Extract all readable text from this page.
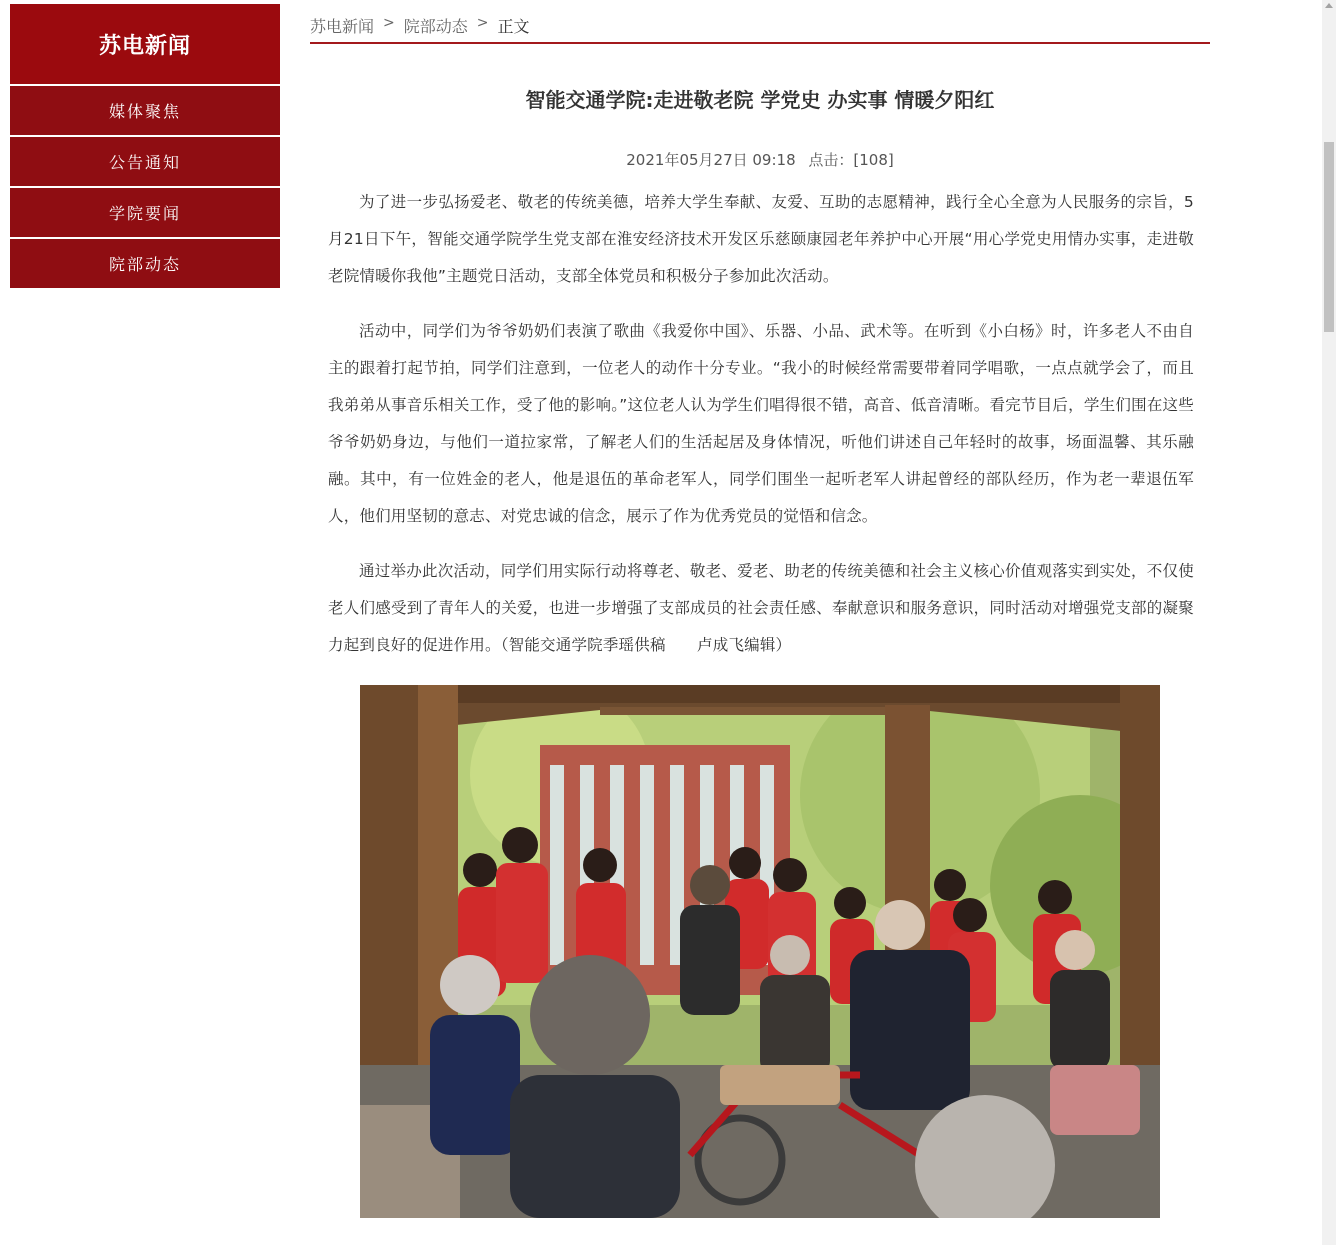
苏电新闻
媒体聚焦
公告通知
学院要闻
院部动态
苏电新闻 > 院部动态 > 正文
智能交通学院:走进敬老院 学党史 办实事 情暖夕阳红
2021年05月27日 09:18 点击：[108]

为了进一步弘扬爱老、敬老的传统美德，培养大学生奉献、友爱、互助的志愿精神，践行全心全意为人民服务的宗旨，5月21日下午，智能交通学院学生党支部在淮安经济技术开发区乐慈颐康园老年养护中心开展“用心学党史用情办实事，走进敬老院情暖你我他”主题党日活动，支部全体党员和积极分子参加此次活动。

活动中，同学们为爷爷奶奶们表演了歌曲《我爱你中国》、乐器、小品、武术等。在听到《小白杨》时，许多老人不由自主的跟着打起节拍，同学们注意到，一位老人的动作十分专业。“我小的时候经常需要带着同学唱歌，一点点就学会了，而且我弟弟从事音乐相关工作，受了他的影响。”这位老人认为学生们唱得很不错，高音、低音清晰。看完节目后，学生们围在这些爷爷奶奶身边，与他们一道拉家常，了解老人们的生活起居及身体情况，听他们讲述自己年轻时的故事，场面温馨、其乐融融。其中，有一位姓金的老人，他是退伍的革命老军人，同学们围坐一起听老军人讲起曾经的部队经历，作为老一辈退伍军人，他们用坚韧的意志、对党忠诚的信念，展示了作为优秀党员的觉悟和信念。

通过举办此次活动，同学们用实际行动将尊老、敬老、爱老、助老的传统美德和社会主义核心价值观落实到实处，不仅使老人们感受到了青年人的关爱，也进一步增强了支部成员的社会责任感、奉献意识和服务意识，同时活动对增强党支部的凝聚力起到良好的促进作用。（智能交通学院季瑶供稿　　卢成飞编辑）
